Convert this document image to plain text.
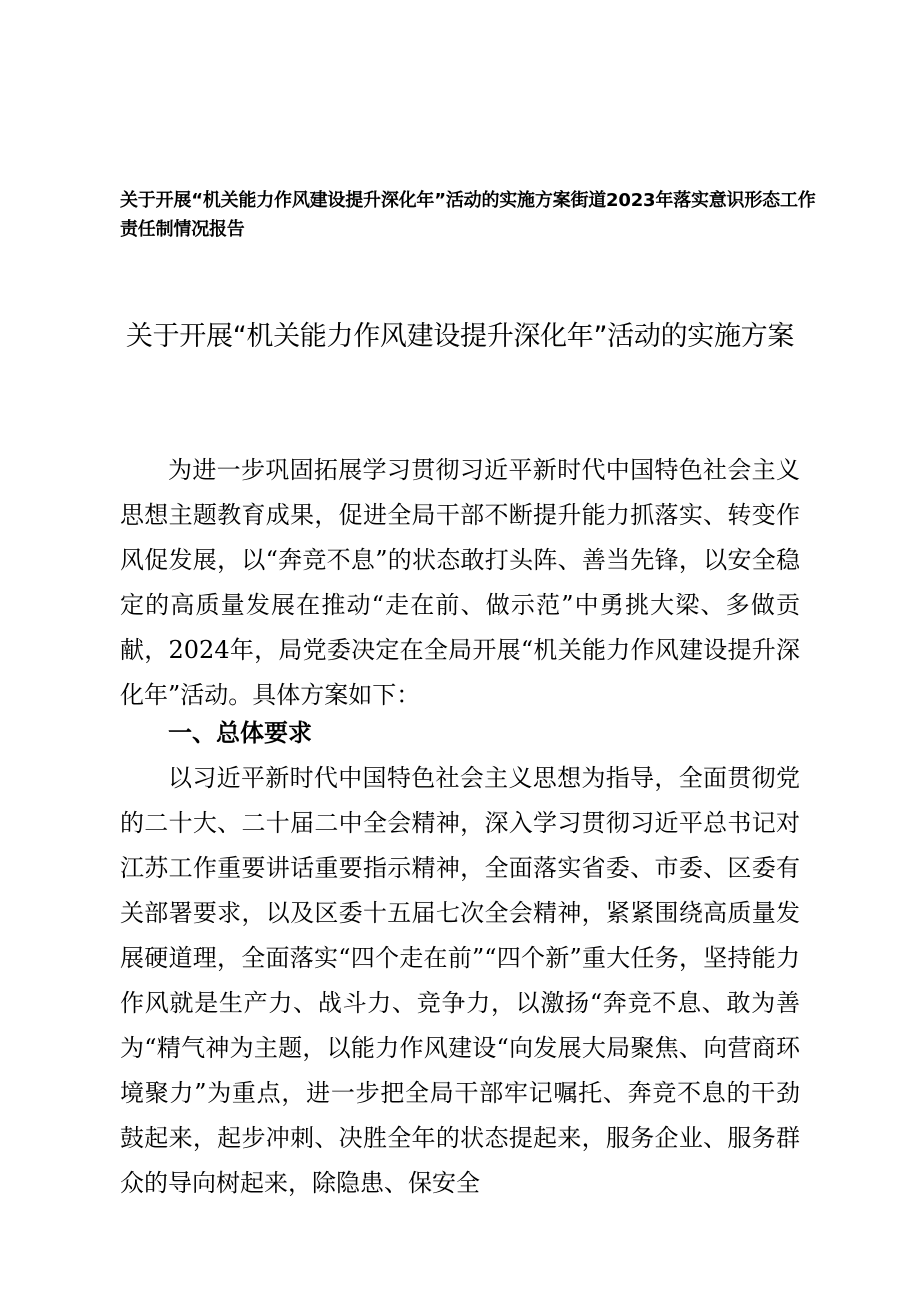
关于开展“机关能力作风建设提升深化年”活动的实施方案街道2023年落实意识形态工作责任制情况报告
关于开展“机关能力作风建设提升深化年”活动的实施方案

为进一步巩固拓展学习贯彻习近平新时代中国特色社会主义思想主题教育成果，促进全局干部不断提升能力抓落实、转变作风促发展，以“奔竞不息”的状态敢打头阵、善当先锋，以安全稳定的高质量发展在推动“走在前、做示范”中勇挑大梁、多做贡献，2024年，局党委决定在全局开展“机关能力作风建设提升深化年”活动。具体方案如下：

一、总体要求

以习近平新时代中国特色社会主义思想为指导，全面贯彻党的二十大、二十届二中全会精神，深入学习贯彻习近平总书记对江苏工作重要讲话重要指示精神，全面落实省委、市委、区委有关部署要求，以及区委十五届七次全会精神，紧紧围绕高质量发展硬道理，全面落实“四个走在前”“四个新”重大任务，坚持能力作风就是生产力、战斗力、竞争力，以激扬“奔竞不息、敢为善为“精气神为主题，以能力作风建设“向发展大局聚焦、向营商环境聚力”为重点，进一步把全局干部牢记嘱托、奔竞不息的干劲鼓起来，起步冲刺、决胜全年的状态提起来，服务企业、服务群众的导向树起来，除隐患、保安全
